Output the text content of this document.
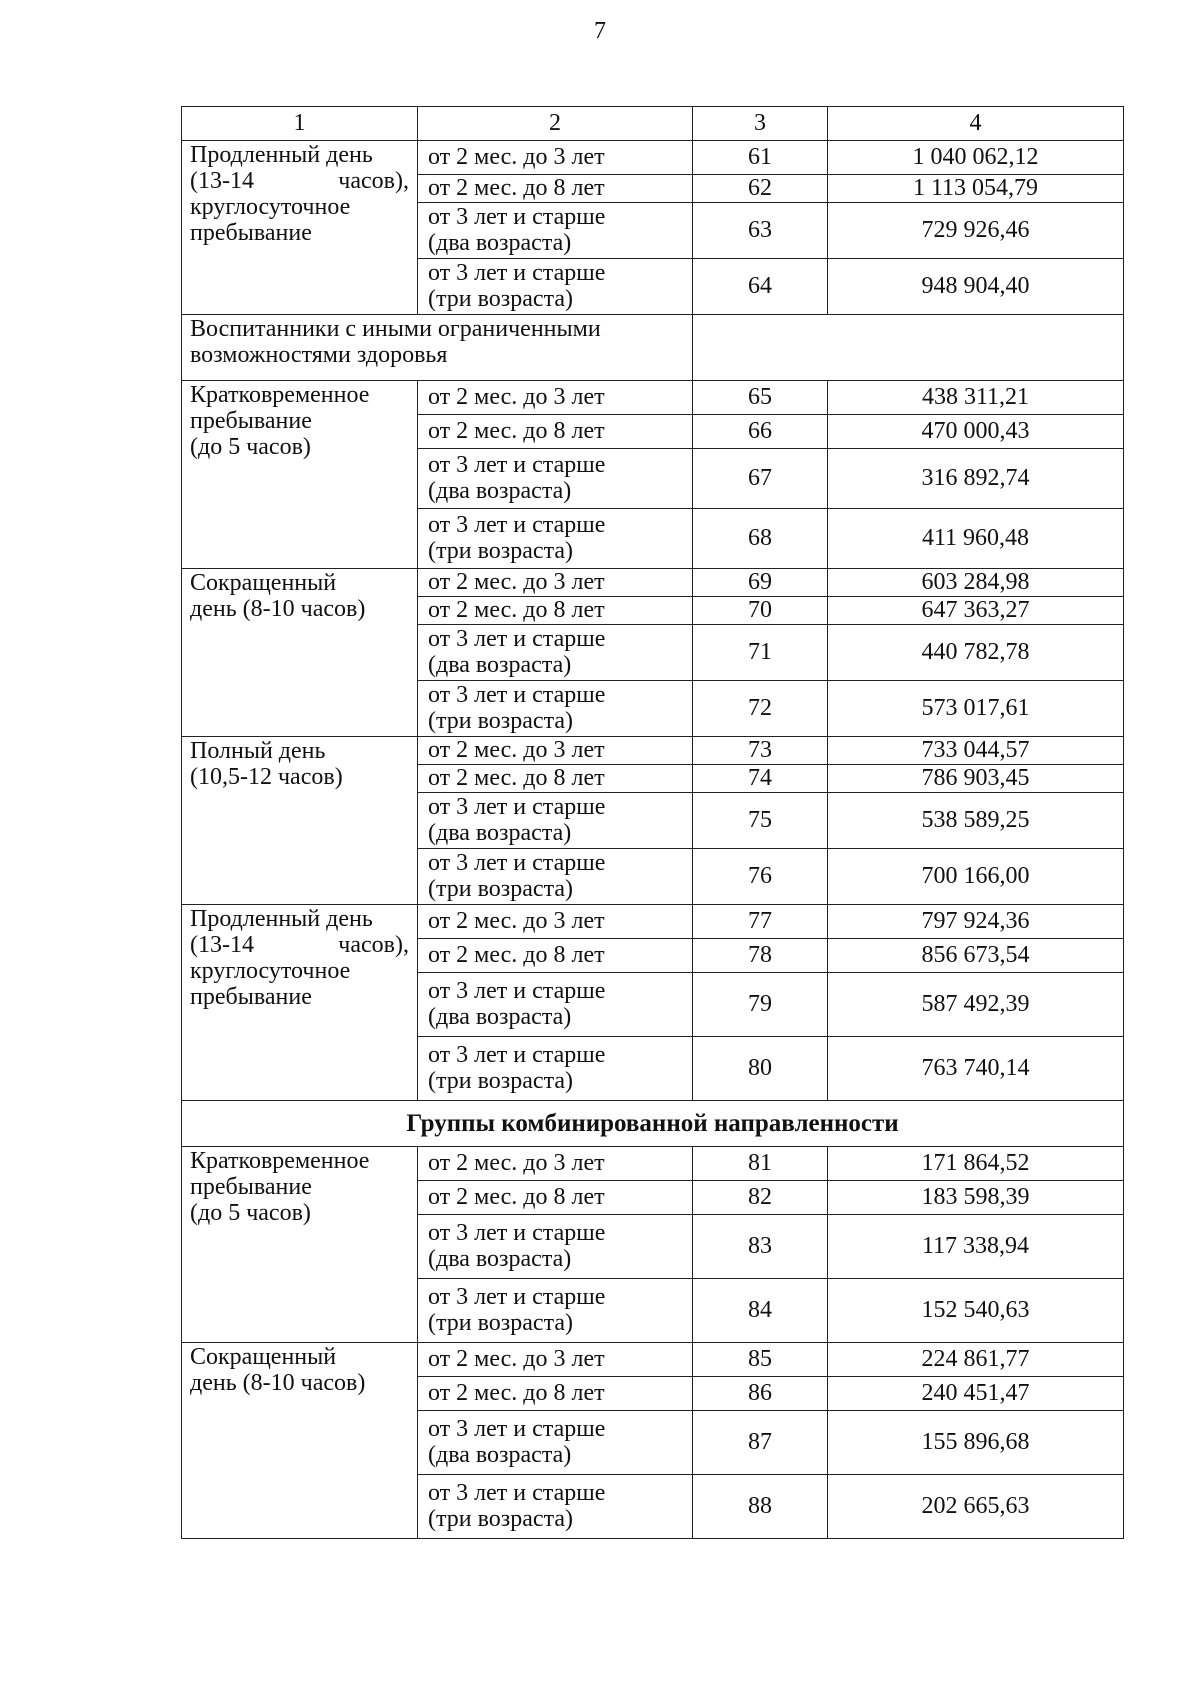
7
1	2	3	4

Продленный день
(13-14 часов),
круглосуточное
пребывание	от 2 мес. до 3 лет	61	1 040 062,12

	от 2 мес. до 8 лет	62	1 113 054,79

	от 3 лет и старше
(два возраста)	63	729 926,46

	от 3 лет и старше
(три возраста)	64	948 904,40
Воспитанники с иными ограниченными возможностями здоровья			

Кратковременное
пребывание
(до 5 часов)	от 2 мес. до 3 лет	65	438 311,21

	от 2 мес. до 8 лет	66	470 000,43

	от 3 лет и старше
(два возраста)	67	316 892,74

	от 3 лет и старше
(три возраста)	68	411 960,48

Сокращенный
день (8-10 часов)	от 2 мес. до 3 лет	69	603 284,98

	от 2 мес. до 8 лет	70	647 363,27

	от 3 лет и старше
(два возраста)	71	440 782,78

	от 3 лет и старше
(три возраста)	72	573 017,61

Полный день
(10,5-12 часов)	от 2 мес. до 3 лет	73	733 044,57

	от 2 мес. до 8 лет	74	786 903,45

	от 3 лет и старше
(два возраста)	75	538 589,25

	от 3 лет и старше
(три возраста)	76	700 166,00

Продленный день
(13-14 часов),
круглосуточное
пребывание	от 2 мес. до 3 лет	77	797 924,36

	от 2 мес. до 8 лет	78	856 673,54

	от 3 лет и старше
(два возраста)	79	587 492,39

	от 3 лет и старше
(три возраста)	80	763 740,14
Группы комбинированной направленности			

Кратковременное
пребывание
(до 5 часов)	от 2 мес. до 3 лет	81	171 864,52

	от 2 мес. до 8 лет	82	183 598,39

	от 3 лет и старше
(два возраста)	83	117 338,94

	от 3 лет и старше
(три возраста)	84	152 540,63

Сокращенный
день (8-10 часов)	от 2 мес. до 3 лет	85	224 861,77

	от 2 мес. до 8 лет	86	240 451,47

	от 3 лет и старше
(два возраста)	87	155 896,68

	от 3 лет и старше
(три возраста)	88	202 665,63
